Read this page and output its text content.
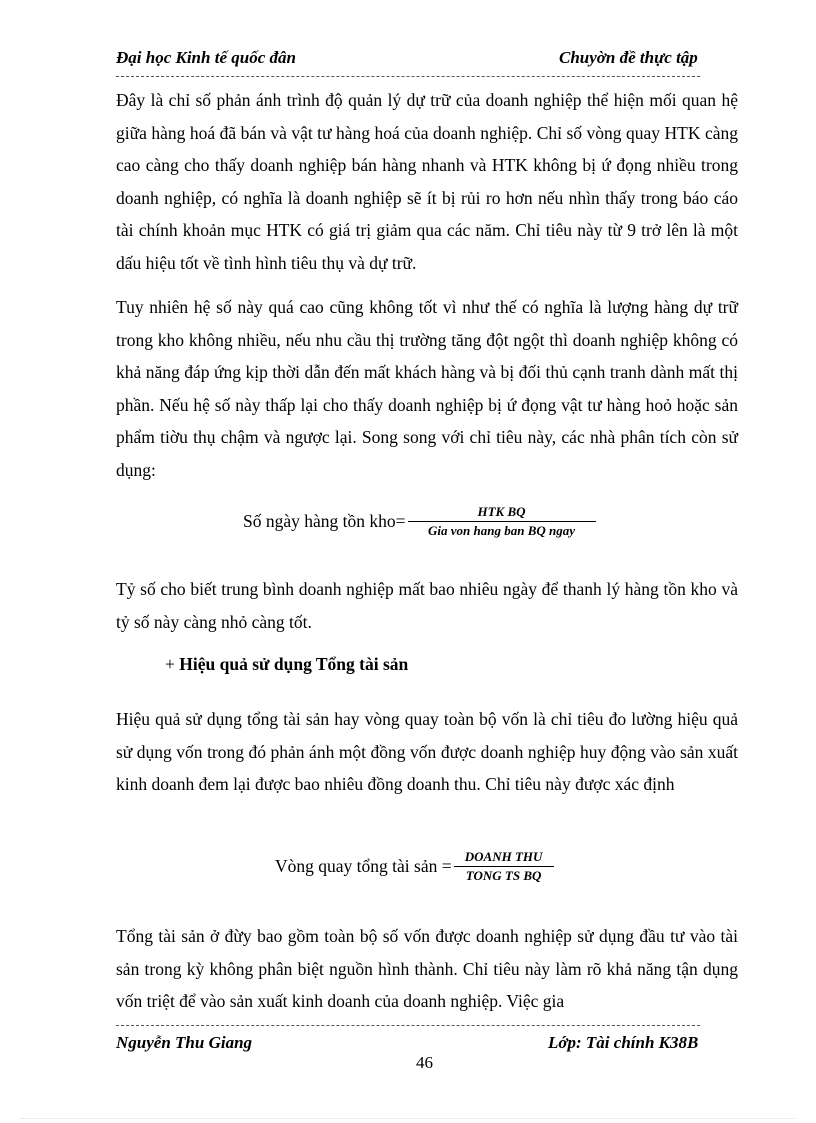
Đại học Kinh tế quốc đân	Chuyờn đề thực tập
Đây là chỉ số phản ánh trình độ quản lý dự trữ của doanh nghiệp thể hiện mối quan hệ giữa hàng hoá đã bán và vật tư hàng hoá của doanh nghiệp. Chỉ số vòng quay HTK càng cao càng cho thấy doanh nghiệp bán hàng nhanh và HTK không bị ứ đọng nhiều trong doanh nghiệp, có nghĩa là doanh nghiệp sẽ ít bị rủi ro hơn nếu nhìn thấy trong báo cáo tài chính khoản mục HTK có giá trị giảm qua các năm. Chỉ tiêu này từ 9 trở lên là một dấu hiệu tốt về tình hình tiêu thụ và dự trữ.
Tuy nhiên hệ số này quá cao cũng không tốt vì như thế có nghĩa là lượng hàng dự trữ trong kho không nhiều, nếu nhu cầu thị trường tăng đột ngột thì doanh nghiệp không có khả năng đáp ứng kịp thời dẫn đến mất khách hàng và bị đối thủ cạnh tranh dành mất thị phần. Nếu hệ số này thấp lại cho thấy doanh nghiệp bị ứ đọng vật tư hàng hoỏ hoặc sản phẩm tiờu thụ chậm và ngược lại. Song song với chỉ tiêu này, các nhà phân tích còn sử dụng:
Số ngày hàng tồn $kho= \frac{\text{HTK BQ}}{\text{Gia von hang ban BQ ngay}}$
Tỷ số cho biết trung bình doanh nghiệp mất bao nhiêu ngày để thanh lý hàng tồn kho và tỷ số này càng nhỏ càng tốt.
+ Hiệu quả sử dụng Tổng tài sản
Hiệu quả sử dụng tổng tài sản hay vòng quay toàn bộ vốn là chỉ tiêu đo lường hiệu quả sử dụng vốn trong đó phản ánh một đồng vốn được doanh nghiệp huy động vào sản xuất kinh doanh đem lại được bao nhiêu đồng doanh thu. Chỉ tiêu này được xác định
Vòng quay tổng tài sản = $\frac{\text{DOANH THU}}{\text{TONG TS BQ}}$
Tổng tài sản ở đừy bao gồm toàn bộ số vốn được doanh nghiệp sử dụng đầu tư vào tài sản trong kỳ không phân biệt nguồn hình thành. Chỉ tiêu này làm rõ khả năng tận dụng vốn triệt để vào sản xuất kinh doanh của doanh nghiệp. Việc gia
Nguyễn Thu Giang	Lớp: Tài chính K38B
46
